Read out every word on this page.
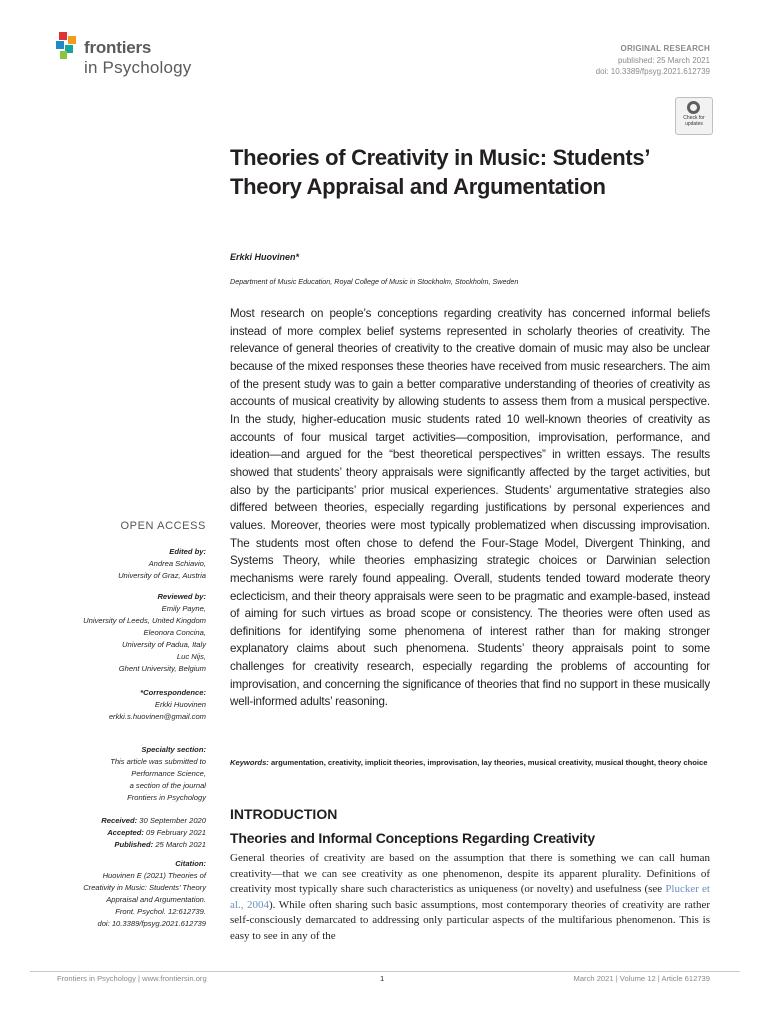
frontiers
in Psychology
ORIGINAL RESEARCH
published: 25 March 2021
doi: 10.3389/fpsyg.2021.612739
Check for
updates
Theories of Creativity in Music: Students’ Theory Appraisal and Argumentation
Erkki Huovinen*
Department of Music Education, Royal College of Music in Stockholm, Stockholm, Sweden
Most research on people’s conceptions regarding creativity has concerned informal beliefs instead of more complex belief systems represented in scholarly theories of creativity. The relevance of general theories of creativity to the creative domain of music may also be unclear because of the mixed responses these theories have received from music researchers. The aim of the present study was to gain a better comparative understanding of theories of creativity as accounts of musical creativity by allowing students to assess them from a musical perspective. In the study, higher-education music students rated 10 well-known theories of creativity as accounts of four musical target activities—composition, improvisation, performance, and ideation—and argued for the “best theoretical perspectives” in written essays. The results showed that students’ theory appraisals were significantly affected by the target activities, but also by the participants’ prior musical experiences. Students’ argumentative strategies also differed between theories, especially regarding justifications by personal experiences and values. Moreover, theories were most typically problematized when discussing improvisation. The students most often chose to defend the Four-Stage Model, Divergent Thinking, and Systems Theory, while theories emphasizing strategic choices or Darwinian selection mechanisms were rarely found appealing. Overall, students tended toward moderate theory eclecticism, and their theory appraisals were seen to be pragmatic and example-based, instead of aiming for such virtues as broad scope or consistency. The theories were often used as definitions for identifying some phenomena of interest rather than for making stronger explanatory claims about such phenomena. Students’ theory appraisals point to some challenges for creativity research, especially regarding the problems of accounting for improvisation, and concerning the significance of theories that find no support in these musically well-informed adults’ reasoning.
Keywords: argumentation, creativity, implicit theories, improvisation, lay theories, musical creativity, musical thought, theory choice
INTRODUCTION
Theories and Informal Conceptions Regarding Creativity
General theories of creativity are based on the assumption that there is something we can call human creativity—that we can see creativity as one phenomenon, despite its apparent plurality. Definitions of creativity most typically share such characteristics as uniqueness (or novelty) and usefulness (see Plucker et al., 2004). While often sharing such basic assumptions, most contemporary theories of creativity are rather self-consciously demarcated to addressing only particular aspects of the multifarious phenomenon. This is easy to see in any of the
OPEN ACCESS
Edited by:
Andrea Schiavio,
University of Graz, Austria
Reviewed by:
Emily Payne,
University of Leeds, United Kingdom
Eleonora Concina,
University of Padua, Italy
Luc Nijs,
Ghent University, Belgium
*Correspondence:
Erkki Huovinen
erkki.s.huovinen@gmail.com
Specialty section:
This article was submitted to
Performance Science,
a section of the journal
Frontiers in Psychology
Received: 30 September 2020
Accepted: 09 February 2021
Published: 25 March 2021
Citation:
Huovinen E (2021) Theories of
Creativity in Music: Students’ Theory
Appraisal and Argumentation.
Front. Psychol. 12:612739.
doi: 10.3389/fpsyg.2021.612739
Frontiers in Psychology | www.frontiersin.org	1	March 2021 | Volume 12 | Article 612739
